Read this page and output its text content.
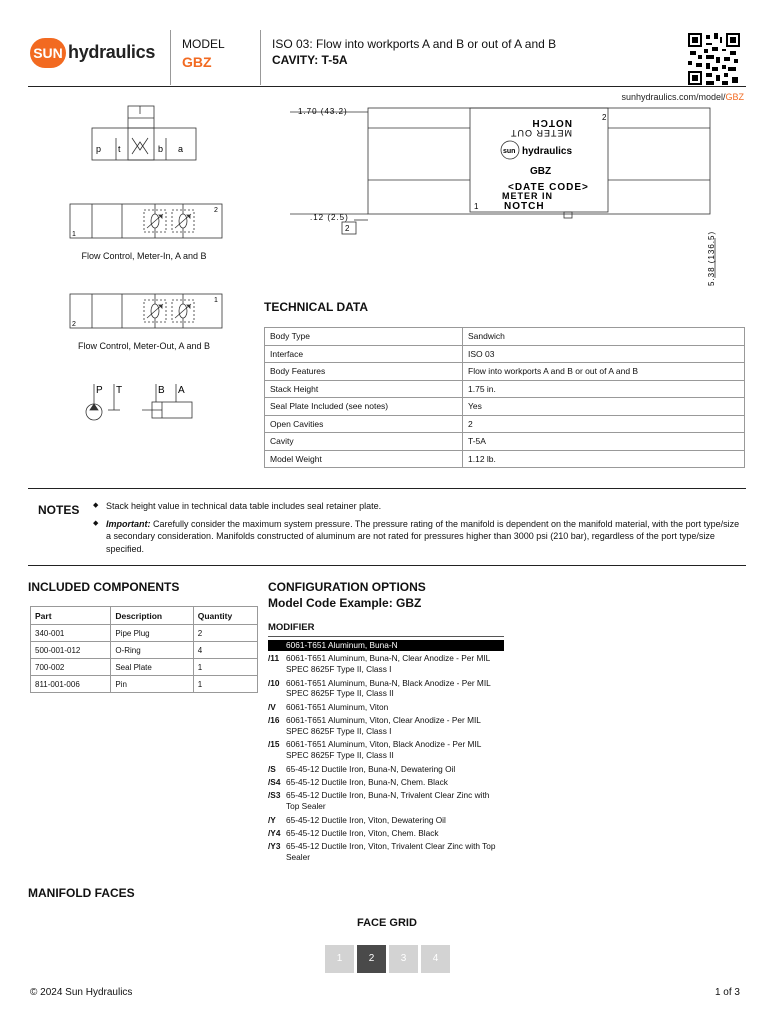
SUN hydraulics MODEL
GBZ
ISO 03: Flow into workports A and B or out of A and B
CAVITY: T-5A
sunhydraulics.com/model/GBZ
p t	b a
1
2
Flow Control, Meter-In, A and B
2
1
Flow Control, Meter-Out, A and B
P T	B A
1.70 (43.2)
.12 (2.5)
2
5.38 (136.5)
NOTCH
METER OUT
2
sun hydraulics
GBZ
<DATE CODE>
METER IN
NOTCH
1
TECHNICAL DATA
Body Type	Sandwich
Interface	ISO 03
Body Features	Flow into workports A and B or out of A and B
Stack Height	1.75 in.
Seal Plate Included (see notes)	Yes
Open Cavities	2
Cavity	T-5A
Model Weight	1.12 lb.
NOTES	◆ Stack height value in technical data table includes seal retainer plate.
◆ Important: Carefully consider the maximum system pressure. The pressure rating of the manifold is dependent on the manifold material, with the port type/size a secondary consideration. Manifolds constructed of aluminum are not rated for pressures higher than 3000 psi (210 bar), regardless of the port type/size specified.
INCLUDED COMPONENTS
Part	Description	Quantity
340-001	Pipe Plug	2
500-001-012	O-Ring	4
700-002	Seal Plate	1
811-001-006	Pin	1
CONFIGURATION OPTIONS
Model Code Example: GBZ
MODIFIER
6061-T651 Aluminum, Buna-N
/11 6061-T651 Aluminum, Buna-N, Clear Anodize - Per MIL SPEC 8625F Type II, Class I
/10 6061-T651 Aluminum, Buna-N, Black Anodize - Per MIL SPEC 8625F Type II, Class II
/V	6061-T651 Aluminum, Viton
/16 6061-T651 Aluminum, Viton, Clear Anodize - Per MIL SPEC 8625F Type II, Class I
/15 6061-T651 Aluminum, Viton, Black Anodize - Per MIL SPEC 8625F Type II, Class II
/S	65-45-12 Ductile Iron, Buna-N, Dewatering Oil
/S4 65-45-12 Ductile Iron, Buna-N, Chem. Black
/S3 65-45-12 Ductile Iron, Buna-N, Trivalent Clear Zinc with Top Sealer
/Y	65-45-12 Ductile Iron, Viton, Dewatering Oil
/Y4 65-45-12 Ductile Iron, Viton, Chem. Black
/Y3 65-45-12 Ductile Iron, Viton, Trivalent Clear Zinc with Top Sealer
MANIFOLD FACES
FACE GRID
1	2	3	4
© 2024 Sun Hydraulics	1 of 3
